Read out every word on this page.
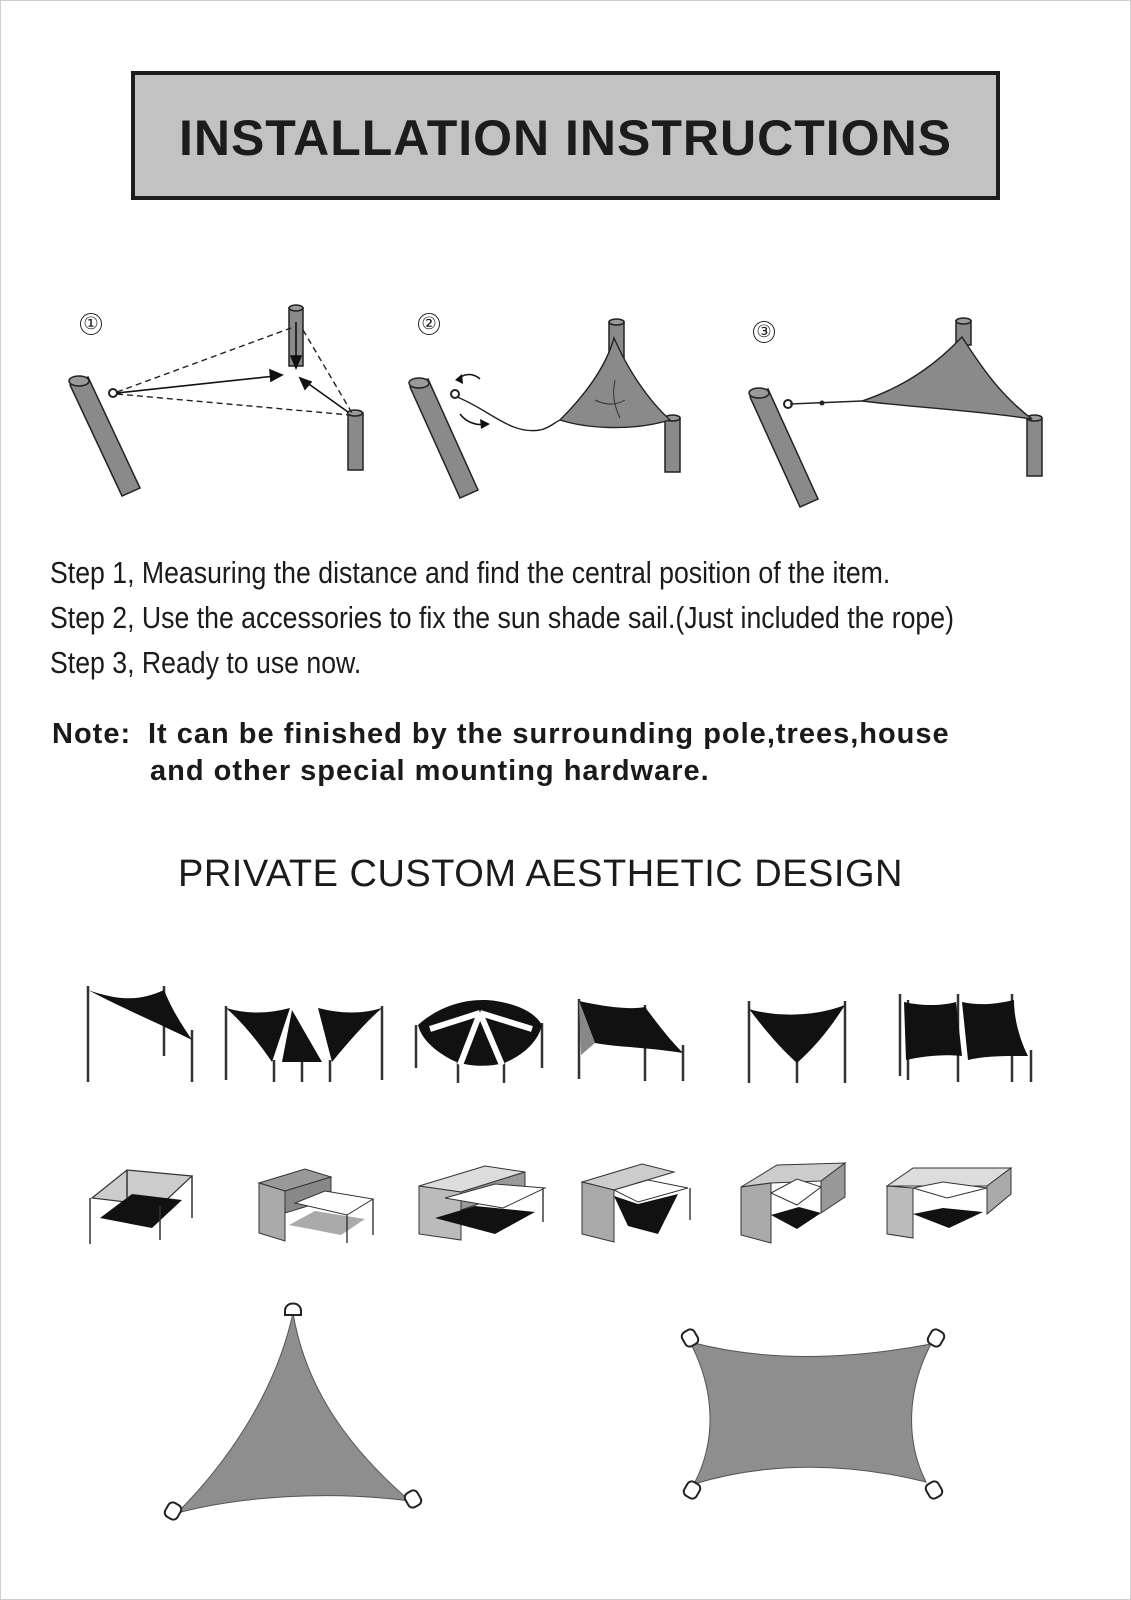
INSTALLATION INSTRUCTIONS
①	②	③
Step 1, Measuring the distance and find the central position of the item.
Step 2, Use the accessories to fix the sun shade sail.(Just included the rope)
Step 3, Ready to use now.
Note: It can be finished by the surrounding pole,trees,house
and other special mounting hardware.
PRIVATE CUSTOM AESTHETIC DESIGN
